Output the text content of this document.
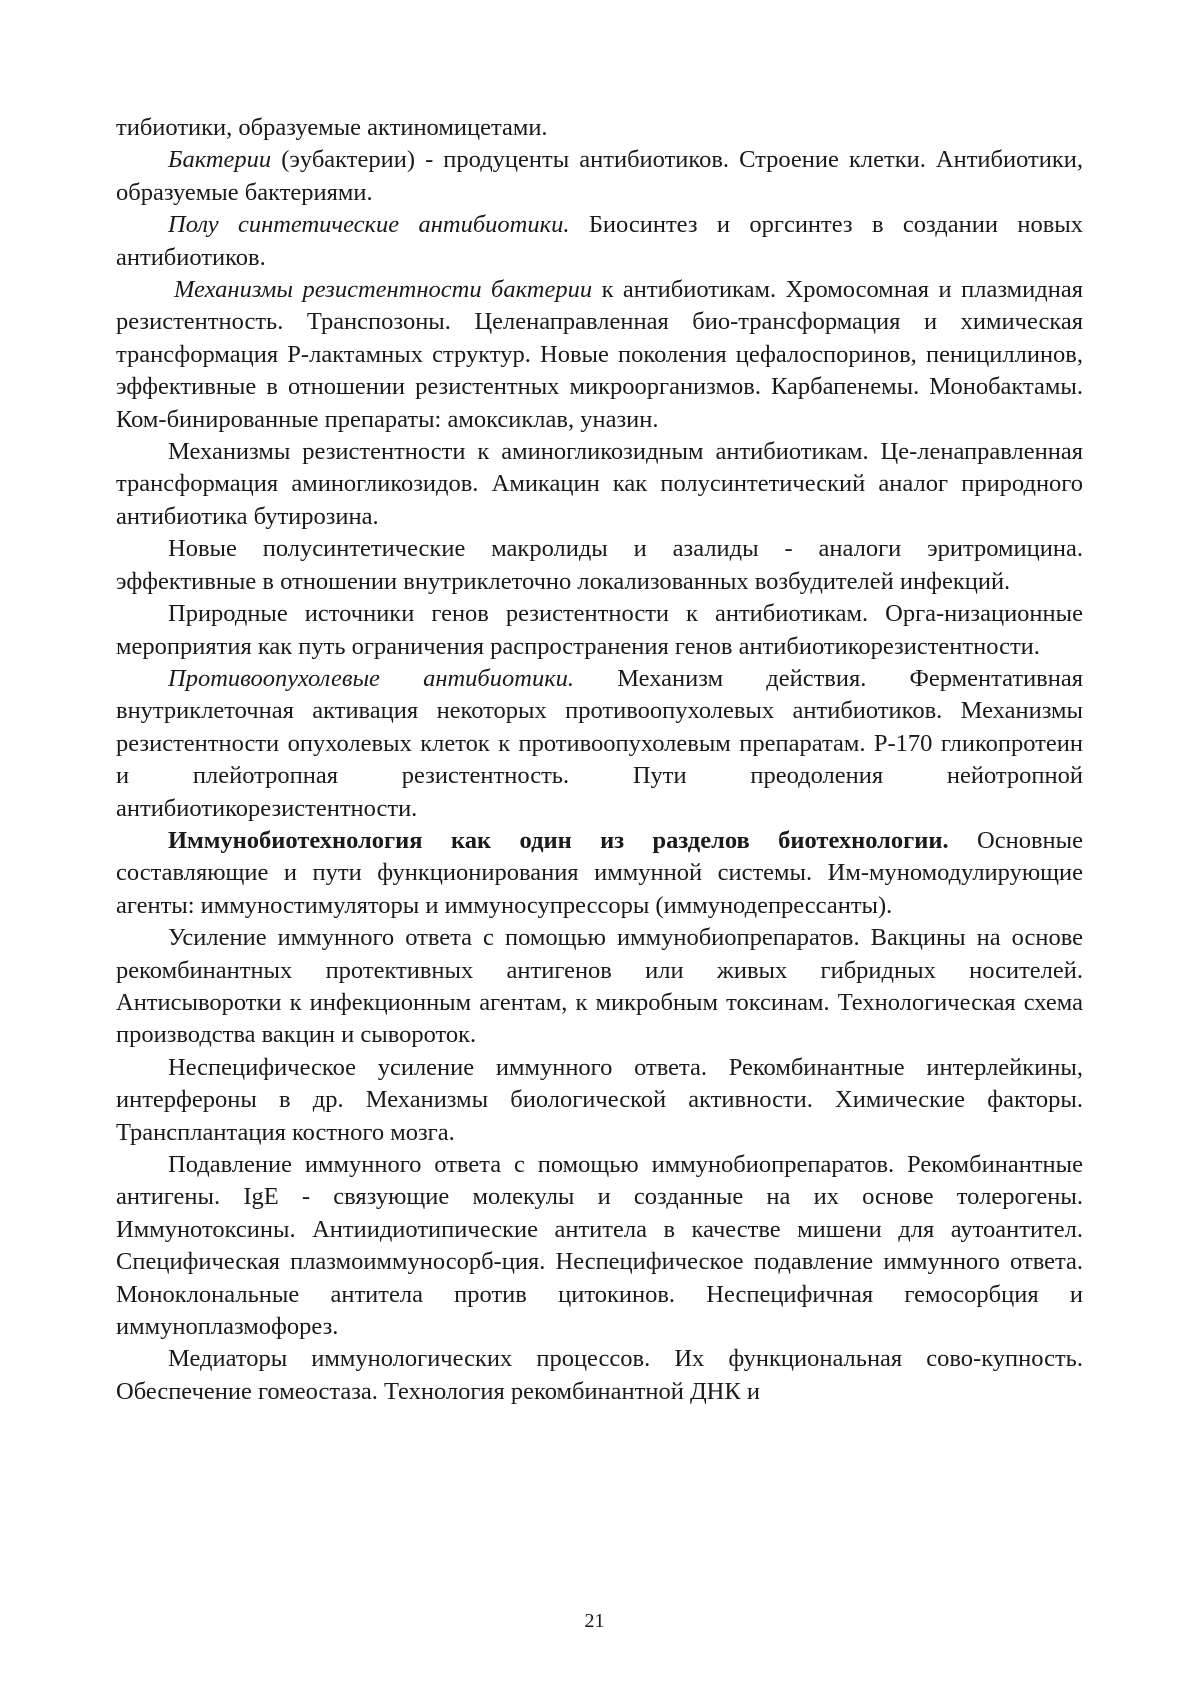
тибиотики, образуемые актиномицетами.

Бактерии (эубактерии) - продуценты антибиотиков. Строение клетки. Антибиотики, образуемые бактериями.

Полу синтетические антибиотики. Биосинтез и оргсинтез в создании новых антибиотиков.

Механизмы резистентности бактерии к антибиотикам. Хромосомная и плазмидная резистентность. Транспозоны. Целенаправленная био-трансформация и химическая трансформация Р-лактамных структур. Новые поколения цефалоспоринов, пенициллинов, эффективные в отношении резистентных микроорганизмов. Карбапенемы. Монобактамы. Ком-бинированные препараты: амоксиклав, уназин.

Механизмы резистентности к аминогликозидным антибиотикам. Це-ленаправленная трансформация аминогликозидов. Амикацин как полусинтетический аналог природного антибиотика бутирозина.

Новые полусинтетические макролиды и азалиды - аналоги эритромицина. эффективные в отношении внутриклеточно локализованных возбудителей инфекций.

Природные источники генов резистентности к антибиотикам. Орга-низационные мероприятия как путь ограничения распространения генов антибиотикорезистентности.

Противоопухолевые антибиотики. Механизм действия. Ферментативная внутриклеточная активация некоторых противоопухолевых антибиотиков. Механизмы резистентности опухолевых клеток к противоопухолевым препаратам. Р-170 гликопротеин и плейотропная резистентность. Пути преодоления нейотропной антибиотикорезистентности.

Иммунобиотехнология как один из разделов биотехнологии. Основные составляющие и пути функционирования иммунной системы. Им-муномодулирующие агенты: иммуностимуляторы и иммуносупрессоры (иммунодепрессанты).

Усиление иммунного ответа с помощью иммунобиопрепаратов. Вакцины на основе рекомбинантных протективных антигенов или живых гибридных носителей. Антисыворотки к инфекционным агентам, к микробным токсинам. Технологическая схема производства вакцин и сывороток.

Неспецифическое усиление иммунного ответа. Рекомбинантные интерлейкины, интерфероны в др. Механизмы биологической активности. Химические факторы. Трансплантация костного мозга.

Подавление иммунного ответа с помощью иммунобиопрепаратов. Рекомбинантные антигены. IgE - связующие молекулы и созданные на их основе толерогены. Иммунотоксины. Антиидиотипические антитела в качестве мишени для аутоантител. Специфическая плазмоиммуносорб-ция. Неспецифическое подавление иммунного ответа. Моноклональные антитела против цитокинов. Неспецифичная гемосорбция и иммуноплазмофорез.

Медиаторы иммунологических процессов. Их функциональная сово-купность. Обеспечение гомеостаза. Технология рекомбинантной ДНК и

21
